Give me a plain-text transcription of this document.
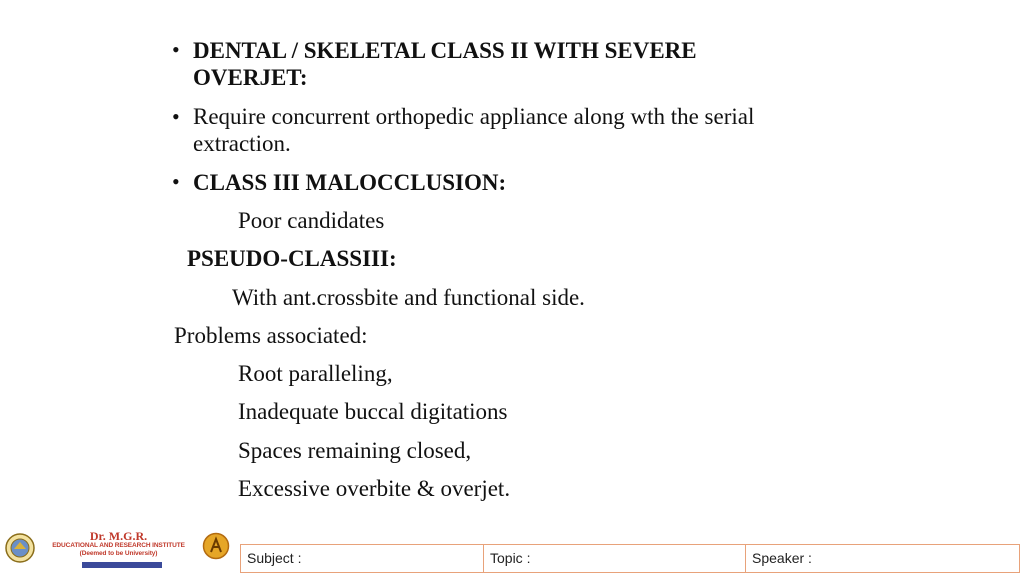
• DENTAL / SKELETAL CLASS II WITH SEVERE
OVERJET:
• Require concurrent orthopedic appliance along wth the serial
extraction.
• CLASS III MALOCCLUSION:
Poor candidates
PSEUDO-CLASSIII:
With ant.crossbite and functional side.
Problems associated:
Root paralleling,
Inadequate buccal digitations
Spaces remaining closed,
Excessive overbite & overjet.
Dr. M.G.R.
EDUCATIONAL AND RESEARCH INSTITUTE
(Deemed to be University)	Subject :	Topic :	Speaker :
